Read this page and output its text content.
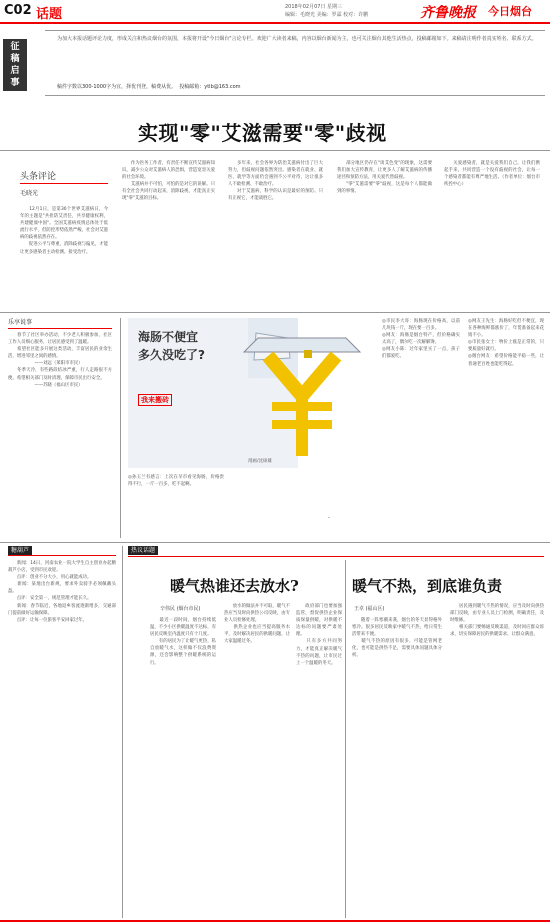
C02 话题	2018年02月07日 星期三
编辑：毛晓光 美编：罗霖 校对：许鹏	齐鲁晚报 今日烟台
征稿启事
为加大本报话题评论力度，形成关注和热议烟台的氛围，本报将开设"今日烟台"言论专栏。欢迎广大读者来稿，内容以烟台新闻为主，也可关注烟台其他生活热点，投稿邮箱如下。来稿请注明作者真实姓名、联系方式。
稿件字数以300-1000字为宜，择优刊登，稿费从优。  投稿邮箱：ytlb@163.com
实现"零"艾滋需要"零"歧视
头条评论
毛晓光
　　12月1日，是第30个世界艾滋病日，今年的主题是"共担防艾责任，共享健康权利，共建健康中国"。全国艾滋病疫情总体处于低流行水平，但防控形势依然严峻，社会对艾滋病的歧视依然存在。
　　促进公平与尊重，消除歧视与偏见，才能让更多感染者主动检测、接受治疗。
　　作为医务工作者，有责任不断宣传艾滋病知识，减少公众对艾滋病人的恐惧，营造宽容关爱的社会环境。
　　艾滋病并不可怕，可怕的是对它的误解。只有全社会共同行动起来，消除歧视，才能真正实现"零"艾滋的目标。
　　多年来，社会各界为防治艾滋病付出了巨大努力，但歧视问题依然突出。感染者在就业、就医、就学等方面仍会遇到不公平对待，这让很多人不敢检测、不敢治疗。
　　对于艾滋病，科学的认识是最好的预防。只有正视它，才能战胜它。
　　部分地区仍存在"谈艾色变"的现象，这需要我们加大宣传教育，让更多人了解艾滋病的传播途径和预防方法，用关爱代替歧视。
　　"零"艾滋需要"零"歧视，这是每个人都能做到的事情。
　　关爱感染者，就是关爱我们自己。让我们携起手来，共同营造一个没有歧视的社会，让每一个感染者都能有尊严地生活。（作者单位：烟台市疾控中心）
乐享说事
　　春节了社区举办活动，不少老人积极参加，社区工作人员细心服务，让居民感受到了温暖。
　　希望社区能多开展这类活动，丰富居民的业余生活，增进邻里之间的感情。
　　　　　　——刘远（莱阳市市民）
　　冬季天冷，有些路段结冰严重，行人走路很不方便，希望相关部门及时清理，保障市民出行安全。
　　　　　　——苏晓（福山区市民）
海肠不便宜
多久没吃了?
.
我来搬砖
漫画/沈硕雄
◎孙玉兰有感言：上次在早市看见海肠，价格贵得不行，一斤一百多，吃不起啊。
◎市民李大哥：海肠现在价格高，以前几块钱一斤，现在要一百多。
◎网友：海肠是烟台特产，但价格确实太高了，偶尔吃一次解解馋。
◎网友小陈：过年家里买了一点，孩子们都爱吃。
◎网友王先生：海肠好吃但不便宜，现在各种海鲜都涨价了，年货准备起来花销不小。
◎市民张女士：物价上涨是正常的，只要质量好就行。
◎烟台网友：希望价格能平稳一些，让普通老百姓也能吃得起。
糖葫芦
　　新闻：14日，河南农业一院大学生自主创业办起糖葫芦小店，受到市民欢迎。
　　点评：创业不分大小，用心就能成功。
　　新闻：某地出台新规，要求外卖骑手必须佩戴头盔。
　　点评：安全第一，规范管理才能长久。
　　新闻：春节临近，各地返乡客流逐渐增多，交通部门提前做好运输保障。
　　点评：让每一位旅客平安回家过年。
热议话题
暖气热谁还去放水?
辛伟民 (烟台市民)
　　最近一段时间，烟台持续低温，不少小区供暖温度不达标，有居民反映室内温度只有十几度。
　　有的居民为了让暖气更热，私自放暖气水，这样做不仅浪费资源，还会影响整个供暖系统的运行。
　　放水的做法并不可取，暖气不热应当及时向供热公司反映，由专业人员检修处理。
　　供热企业也应当提高服务水平，及时解决居民的供暖问题，让大家温暖过冬。
　　政府部门也要加强监管，督促供热企业保质保量供暖，对供暖不达标的问题要严肃处理。
　　只有多方共同努力，才能真正解决暖气不热的问题，让市民过上一个温暖的冬天。
暖气不热，到底谁负责
王卓 (福山区)
　　随着一阵寒潮来袭，烟台的冬天显得格外寒冷。很多居民反映家中暖气不热，给日常生活带来不便。
　　暖气不热的原因有很多，可能是管网老化，也可能是供热不足，需要具体问题具体分析。
　　居民遇到暖气不热的情况，应当及时向供热部门反映，由专业人员上门检测，明确责任，及时维修。
　　相关部门要畅通反映渠道，及时回应群众诉求，切实保障居民的供暖需求，让群众满意。
